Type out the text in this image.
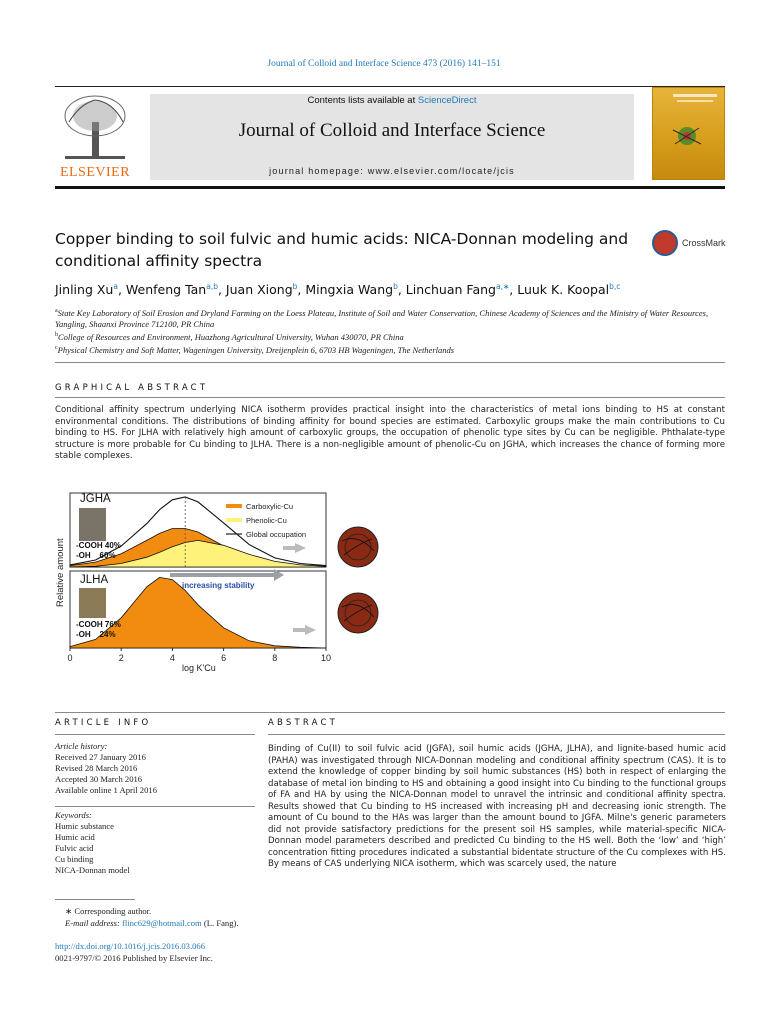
Journal of Colloid and Interface Science 473 (2016) 141–151
ELSEVIER
Contents lists available at ScienceDirect
Journal of Colloid and Interface Science
journal homepage: www.elsevier.com/locate/jcis
Copper binding to soil fulvic and humic acids: NICA-Donnan modeling and conditional affinity spectra
CrossMark
Jinling Xu$^a$, Wenfeng Tan$^{a,b}$, Juan Xiong$^b$, Mingxia Wang$^b$, Linchuan Fang$^{a,∗}$, Luuk K. Koopal$^{b,c}$
$^a$State Key Laboratory of Soil Erosion and Dryland Farming on the Loess Plateau, Institute of Soil and Water Conservation, Chinese Academy of Sciences and the Ministry of Water Resources, Yangling, Shaanxi Province 712100, PR China
$^b$College of Resources and Environment, Huazhong Agricultural University, Wuhan 430070, PR China
$^c$Physical Chemistry and Soft Matter, Wageningen University, Dreijenplein 6, 6703 HB Wageningen, The Netherlands
GRAPHICAL ABSTRACT
Conditional affinity spectrum underlying NICA isotherm provides practical insight into the characteristics of metal ions binding to HS at constant environmental conditions. The distributions of binding affinity for bound species are estimated. Carboxylic groups make the main contributions to Cu binding to HS. For JLHA with relatively high amount of carboxylic groups, the occupation of phenolic type sites by Cu can be negligible. Phthalate-type structure is more probable for Cu binding to JLHA. There is a non-negligible amount of phenolic-Cu on JGHA, which increases the chance of forming more stable complexes.
Relative amount
0	2	4	6	8	10
JGHA
-COOH 40%
-OH    60%
JLHA
-COOH 76%
-OH    24%
Carboxylic-Cu
Phenolic-Cu
Global occupation
increasing stability
log K'Cu
ARTICLE INFO	ABSTRACT
Article history:
Received 27 January 2016
Revised 28 March 2016
Accepted 30 March 2016
Available online 1 April 2016
Keywords:
Humic substance
Humic acid
Fulvic acid
Cu binding
NICA-Donnan model
Binding of Cu(II) to soil fulvic acid (JGFA), soil humic acids (JGHA, JLHA), and lignite-based humic acid (PAHA) was investigated through NICA-Donnan modeling and conditional affinity spectrum (CAS). It is to extend the knowledge of copper binding by soil humic substances (HS) both in respect of enlarging the database of metal ion binding to HS and obtaining a good insight into Cu binding to the functional groups of FA and HA by using the NICA-Donnan model to unravel the intrinsic and conditional affinity spectra. Results showed that Cu binding to HS increased with increasing pH and decreasing ionic strength. The amount of Cu bound to the HAs was larger than the amount bound to JGFA. Milne's generic parameters did not provide satisfactory predictions for the present soil HS samples, while material-specific NICA-Donnan model parameters described and predicted Cu binding to the HS well. Both the ‘low’ and ‘high’ concentration fitting procedures indicated a substantial bidentate structure of the Cu complexes with HS. By means of CAS underlying NICA isotherm, which was scarcely used, the nature
∗ Corresponding author.
E-mail address: flinc629@hotmail.com (L. Fang).
http://dx.doi.org/10.1016/j.jcis.2016.03.066
0021-9797/© 2016 Published by Elsevier Inc.
